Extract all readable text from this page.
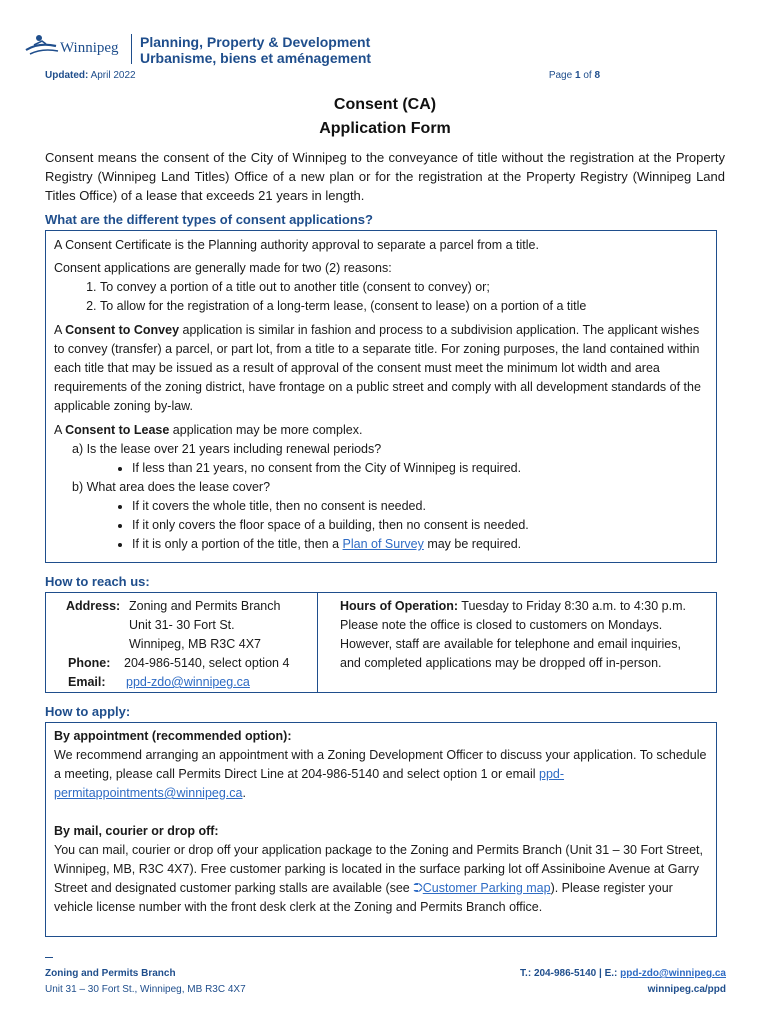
Winnipeg Planning, Property & Development
Urbanisme, biens et aménagement
Updated: April 2022	Page 1 of 8
Consent (CA)
Application Form
Consent means the consent of the City of Winnipeg to the conveyance of title without the registration at the Property Registry (Winnipeg Land Titles) Office of a new plan or for the registration at the Property Registry (Winnipeg Land Titles Office) of a lease that exceeds 21 years in length.
What are the different types of consent applications?

A Consent Certificate is the Planning authority approval to separate a parcel from a title.

Consent applications are generally made for two (2) reasons:

1. To convey a portion of a title out to another title (consent to convey) or;
2. To allow for the registration of a long-term lease, (consent to lease) on a portion of a title

A Consent to Convey application is similar in fashion and process to a subdivision application. The applicant wishes to convey (transfer) a parcel, or part lot, from a title to a separate title. For zoning purposes, the land contained within each title that may be issued as a result of approval of the consent must meet the minimum lot width and area requirements of the zoning district, have frontage on a public street and comply with all development standards of the applicable zoning by-law.

A Consent to Lease application may be more complex.

a) Is the lease over 21 years including renewal periods?
• If less than 21 years, no consent from the City of Winnipeg is required.
b) What area does the lease cover?
• If it covers the whole title, then no consent is needed.
• If it only covers the floor space of a building, then no consent is needed.
• If it is only a portion of the title, then a Plan of Survey may be required.
How to reach us:
Address: Zoning and Permits Branch
Unit 31- 30 Fort St.
Winnipeg, MB R3C 4X7
Phone: 204-986-5140, select option 4
Email: ppd-zdo@winnipeg.ca
Hours of Operation: Tuesday to Friday 8:30 a.m. to 4:30 p.m. Please note the office is closed to customers on Mondays. However, staff are available for telephone and email inquiries, and completed applications may be dropped off in-person.
How to apply:
By appointment (recommended option):

We recommend arranging an appointment with a Zoning Development Officer to discuss your application. To schedule a meeting, please call Permits Direct Line at 204-986-5140 and select option 1 or email ppd-permitappointments@winnipeg.ca.

By mail, courier or drop off:

You can mail, courier or drop off your application package to the Zoning and Permits Branch (Unit 31 – 30 Fort Street, Winnipeg, MB, R3C 4X7). Free customer parking is located in the surface parking lot off Assiniboine Avenue at Garry Street and designated customer parking stalls are available (see ⮊Customer Parking map). Please register your vehicle license number with the front desk clerk at the Zoning and Permits Branch office.

Zoning and Permits Branch
Unit 31 – 30 Fort St., Winnipeg, MB R3C 4X7
T.: 204-986-5140 | E.: ppd-zdo@winnipeg.ca
winnipeg.ca/ppd
